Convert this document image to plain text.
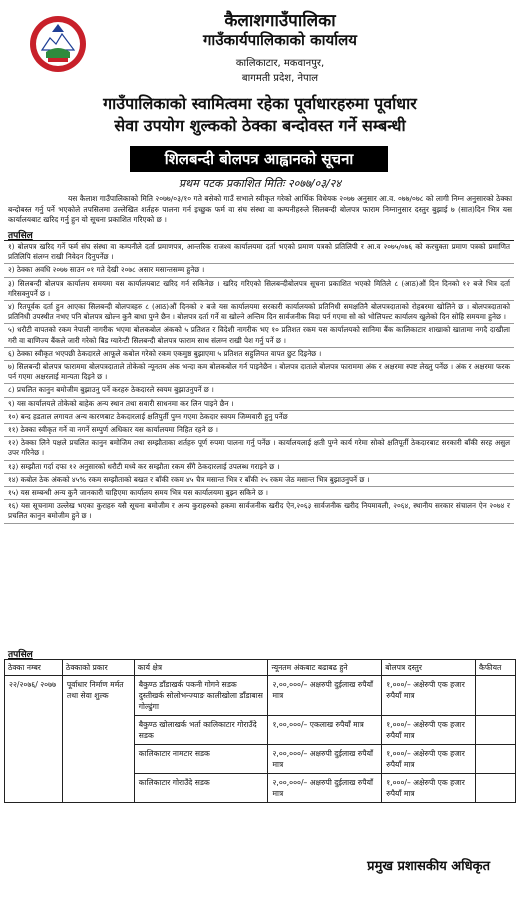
कैलाशगाउँपालिका
गाउँकार्यपालिकाको कार्यालय
कालिकाटार, मकवानपुर,
बागमती प्रदेश, नेपाल
गाउँपालिकाको स्वामित्वमा रहेका पूर्वाधारहरुमा पूर्वाधार
सेवा उपयोग शुल्कको ठेक्का बन्दोवस्त गर्ने सम्बन्धी
शिलबन्दी बोलपत्र आह्वानको सूचना
प्रथम पटक प्रकाशित मितिः २०७७/०३/२४
यस कैलाश गाउँपालिकाको मिति २०७७/०३/१० गते बसेको गाउँ सभाले स्वीकृत गरेको आर्थिक विधेयक २०७७ अनुसार आ.व. ०७७/०७८ को लागी निम्न अनुसारको ठेक्का बन्दोबस्त गर्नु पर्ने भएकोले तपसिलमा उल्लेखित शर्तहरु पालना गर्न इच्छुक फर्म वा संघ संस्था वा कम्पनीहरुले सिलबन्दी बोलपत्र फाराम निम्नानुसार दस्तुर बुझाई ७ (सात)दिन भित्र यस कार्यालयबाट खरिद गर्नु हुन यो सूचना प्रकाशित गरिएको छ ।
तपसिल
१) बोलपत्र खरिद गर्ने फर्म संघ संस्था वा कम्पनीले दर्ता प्रमाणपत्र, आन्तरिक राजश्व कार्यालयमा दर्ता भएको प्रमाण पत्रको प्रतिलिपी र आ.व २०७५/०७६ को करचुक्ता प्रमाण पत्रको प्रमाणित प्रतिलिपि संलग्न राखी निवेदन दिनुपर्नेछ ।
२) ठेक्का अवधि २०७७ साउन ०१ गते देखी २०७८ असार मसान्तसम्म हुनेछ ।
३) सिलबन्दी बोलपत्र कार्यालय समयमा यस कार्यालयबाट खरिद गर्न सकिनेछ । खरिद गरिएको सिलबन्दीबोलपत्र सूचना प्रकाशित भएको मितिले ८ (आठ)औं दिन दिनको १२ बजे भित्र दर्ता गरिसक्नुपर्ने छ ।
४) रितपूर्वक दर्ता हुन आएका सिलबन्दी बोलपत्रहरु ८ (आठ)औं दिनको २ बजे यस कार्यालयमा सरकारी कार्यालयको प्रतिनिधी समक्षतिनै बोलपत्रदाताको रोहबरमा खोलिने छ । बोलपत्रदाताको प्रतिनिधी उपस्थीत नभए पनि बोलपत्र खोल्न कुनै बाधा पुग्ने छैन । बोलपत्र दर्ता गर्ने वा खोल्ने अन्तिम दिन सार्वजनीक विदा पर्न गएमा सो को भोलिपल्ट कार्यालय खुलेको दिन सोहि समयमा हुनेछ ।
५) धरौटी वापतको रकम नेपाली नागरीक भएमा बोलकबोल अंकको ५ प्रतिशत र विदेशी नागरीक भए १० प्रतिशत रकम यस कार्यालयको सानिमा बैंक कालिकाटार शाखाको खातामा नगदै दाखीला गरी वा बाणिज्य बैंकले जारी गरेको बिड ग्यारेन्टी सिलबन्दी बोलपत्र फाराम साथ संलग्न राखी पेश गर्नु पर्ने छ ।
६) ठेक्का स्वीकृत भएपछी ठेकदारले आफूले कबोल गरेको रकम एकमुष्ठ बुझाएमा ५ प्रतिशत सहुलियत वापत छुट दिइनेछ ।
७) सिलबन्दी बोलपत्र फाराममा बोलपत्रदाताले तोकेको न्यूनतम अंक भन्दा कम बोलकबोल गर्न पाइनेछैन । बोलपत्र दाताले बोलपत्र फाराममा अंक र अक्षरमा स्पष्ट लेख्नु पर्नेछ । अंक र अक्षरमा फरक पर्न गएमा अक्षरलाई मान्यता दिइने छ ।
८) प्रचलित कानुन बमोजीम बुझाउनु पर्ने करहरु ठेकदारले स्वयम बुझाउनुपर्ने छ ।
९) यस कार्यालयले तोकेको बाहेक अन्य स्थान तथा सवारी साधनमा कर लिन पाइने छैन ।
१०) बन्द हडताल लगायत अन्य कारणबाट ठेकदारलाई क्षतिपुर्ती पुग्न गएमा ठेकदार स्वयम जिम्मवारी हुनु पर्नेछ
११) ठेक्का स्वीकृत गर्ने वा नगर्ने सम्पुर्ण अधिकार यस कार्यालयमा निहित रहने छ ।
१२) ठेक्का लिने पक्षले प्रचलित कानुन बमोजिम तथा सम्झौताका शर्तहरु पूर्ण रुपमा पालना गर्नु पर्नेछ । कार्यालयलाई क्षती पुग्ने कार्य गरेमा सोको क्षतिपूर्ती ठेकदारबाट सरकारी बाँकी सरह असुल उपर गरिनेछ ।
१३) सम्झौता गर्दा दफा १२ अनुसारको धरौटी मध्ये कर सम्झौता रकम सँगै ठेकदारलाई उपलब्ध गराइने छ ।
१४) कबोल ठेक अंकको ४५% रकम सम्झौताको बखत र बाँकी रकम ४५ चैत्र मसान्त भित्र र बाँकी २५ रकम जेठ मसान्त भित्र बुझाउनुपर्ने छ ।
१५) यस सम्बन्धी अन्य कुनै जानकारी चाहिएमा कार्यालय समय भित्र यस कार्यालयमा बुझ्न सकिने छ ।
१६) यस सूचनामा उल्लेख भएका कुराहरु यसै सूचना बमोजीम र अन्य कुराहरुको हकमा सार्वजनीक खरीद ऐन,२०६३ सार्वजनीक खरीद नियमावली, २०६४, स्थानीय सरकार संचालन ऐन २०७४ र प्रचलित कानुन बमोजीम हुने छ ।
तपसिल
ठेक्का नम्बर	ठेक्काको प्रकार	कार्य क्षेत्र	न्यूनतम अंकबाट बढाबढ हुने	बोलपत्र दस्तुर	कैफीयत
२२/२०७६/ २०७७	पूर्वाधार निर्माण मर्मत तथा सेवा शुल्क	बैकुण्ठ डाँडाखर्क पकनी गोगने सडक दुस्तीखर्क सोलोभन्ज्याङ कालीखोला डाँडाबास गोल्ढुंगा	२,००,०००/– अक्षरुपी दुईलाख रुपैयाँ मात्र	१,०००/– अक्षेरुपी एक हजार रुपैयाँ मात्र	
		बैकुण्ठ खोलाखर्क भर्ता कालिकाटार गोराउँदे सडक	१,००,०००/– एकलाख रुपैयाँ मात्र	१,०००/– अक्षेरुपी एक हजार रुपैयाँ मात्र	
		कालिकाटार नामटार सडक	२,००,०००/– अक्षरुपी दुईलाख रुपैयाँ मात्र	१,०००/– अक्षेरुपी एक हजार रुपैयाँ मात्र	
		कालिकाटार गोराउँदे सडक	२,००,०००/– अक्षरुपी दुईलाख रुपैयाँ मात्र	१,०००/– अक्षेरुपी एक हजार रुपैयाँ मात्र	
प्रमुख प्रशासकीय अधिकृत
